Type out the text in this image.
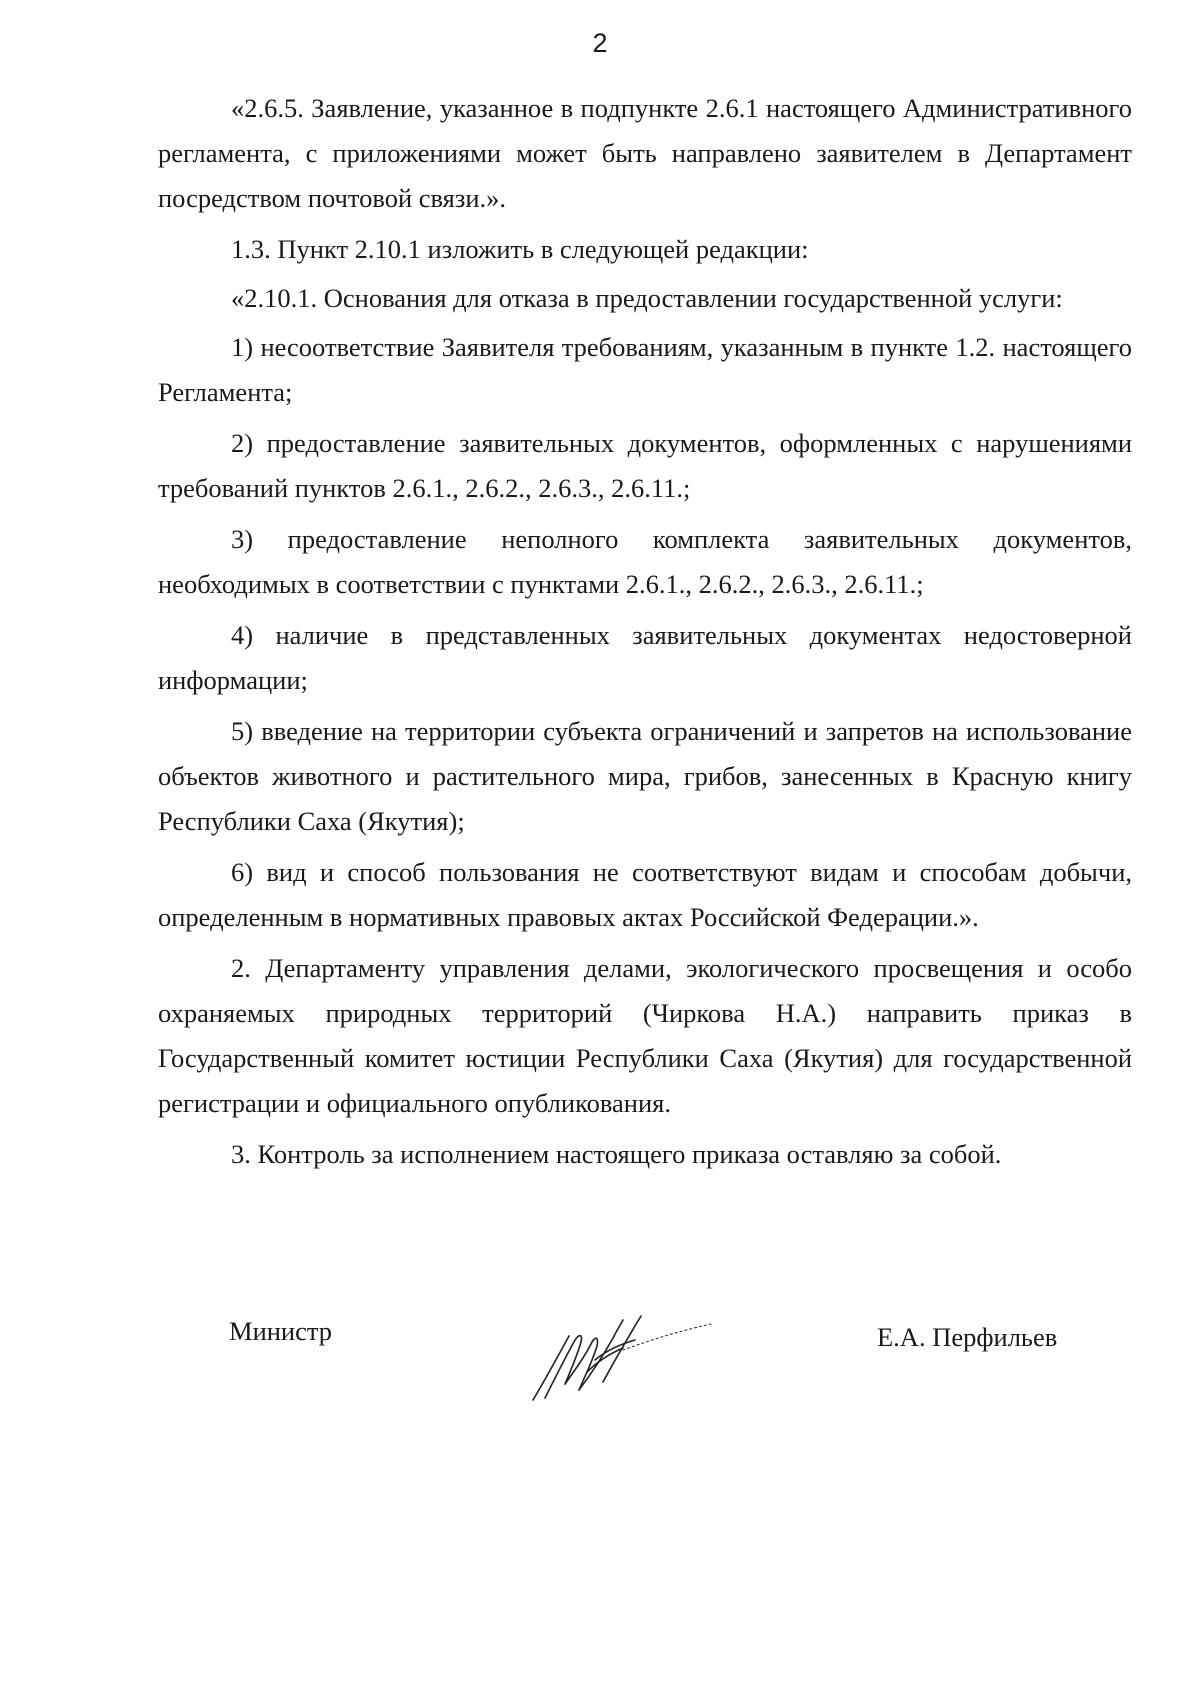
2

«2.6.5. Заявление, указанное в подпункте 2.6.1 настоящего Административного регламента, с приложениями может быть направлено заявителем в Департамент посредством почтовой связи.».

1.3. Пункт 2.10.1 изложить в следующей редакции:

«2.10.1. Основания для отказа в предоставлении государственной услуги:

1) несоответствие Заявителя требованиям, указанным в пункте 1.2. настоящего Регламента;

2) предоставление заявительных документов, оформленных с нарушениями требований пунктов 2.6.1., 2.6.2., 2.6.3., 2.6.11.;

3) предоставление неполного комплекта заявительных документов, необходимых в соответствии с пунктами 2.6.1., 2.6.2., 2.6.3., 2.6.11.;

4) наличие в представленных заявительных документах недостоверной информации;

5) введение на территории субъекта ограничений и запретов на использование объектов животного и растительного мира, грибов, занесенных в Красную книгу Республики Саха (Якутия);

6) вид и способ пользования не соответствуют видам и способам добычи, определенным в нормативных правовых актах Российской Федерации.».

2. Департаменту управления делами, экологического просвещения и особо охраняемых природных территорий (Чиркова Н.А.) направить приказ в Государственный комитет юстиции Республики Саха (Якутия) для государственной регистрации и официального опубликования.

3. Контроль за исполнением настоящего приказа оставляю за собой.

Министр	Е.А. Перфильев
